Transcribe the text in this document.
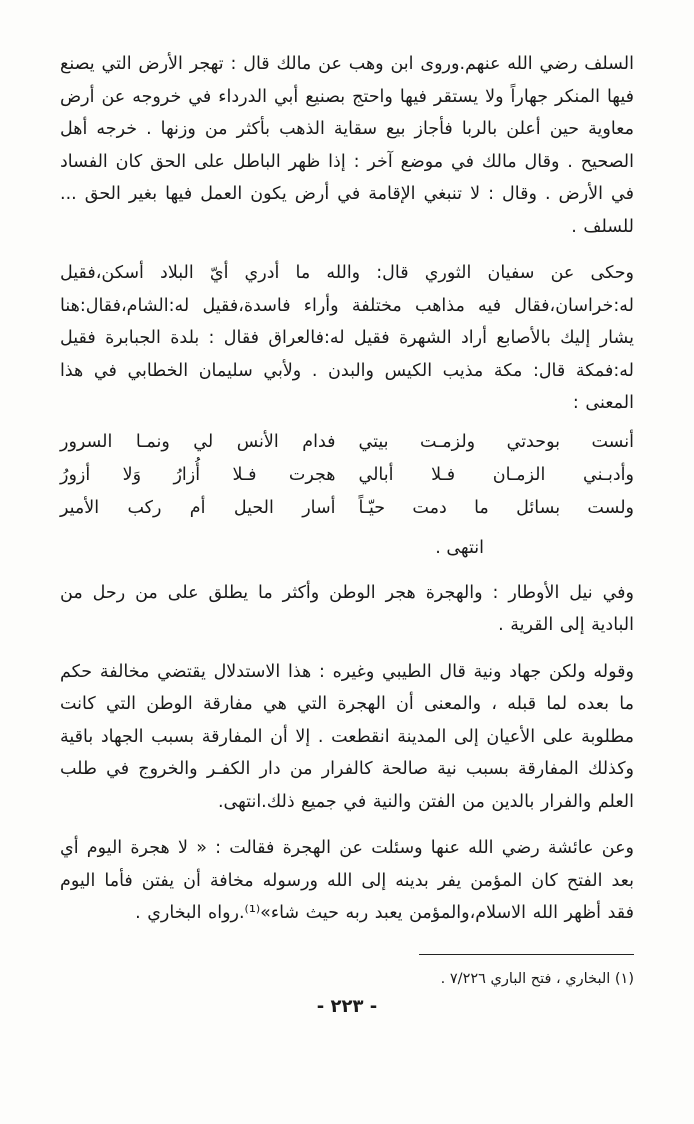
السلف رضي الله عنهم.وروى ابن وهب عن مالك قال : تهجر الأرض التي يصنع فيها المنكر جهاراً ولا يستقر فيها واحتج بصنيع أبي الدرداء في خروجه عن أرض معاوية حين أعلن بالربا فأجاز بيع سقاية الذهب بأكثر من وزنها . خرجه أهل الصحيح . وقال مالك في موضع آخر : إذا ظهر الباطل على الحق كان الفساد في الأرض . وقال : لا تنبغي الإقامة في أرض يكون العمل فيها بغير الحق ... للسلف .

وحكى عن سفيان الثوري قال: والله ما أدري أيّ البلاد أسكن،فقيل له:خراسان،فقال فيه مذاهب مختلفة وأراء فاسدة،فقيل له:الشام،فقال:هنا يشار إليك بالأصابع أراد الشهرة فقيل له:فالعراق فقال : بلدة الجبابرة فقيل له:فمكة قال: مكة مذيب الكيس والبدن . ولأبي سليمان الخطابي في هذا المعنى :

أنست بوحدتي ولزمـت بيتي
فدام الأنس لي ونمـا السرور
وأدبـني الزمـان فـلا أبالي
هجرت فـلا أُزارُ وَلا أزورُ
ولست بسائل ما دمت حيّـاً
أسار الحيل أم ركب الأمير
انتهى .

وفي نيل الأوطار : والهجرة هجر الوطن وأكثر ما يطلق على من رحل من البادية إلى القرية .

وقوله ولكن جهاد ونية قال الطيبي وغيره : هذا الاستدلال يقتضي مخالفة حكم ما بعده لما قبله ، والمعنى أن الهجرة التي هي مفارقة الوطن التي كانت مطلوبة على الأعيان إلى المدينة انقطعت . إلا أن المفارقة بسبب الجهاد باقية وكذلك المفارقة بسبب نية صالحة كالفرار من دار الكفـر والخروج في طلب العلم والفرار بالدين من الفتن والنية في جميع ذلك.انتهى.

وعن عائشة رضي الله عنها وسئلت عن الهجرة فقالت : « لا هجرة اليوم أي بعد الفتح كان المؤمن يفر بدينه إلى الله ورسوله مخافة أن يفتن فأما اليوم فقد أظهر الله الاسلام،والمؤمن يعبد ربه حيث شاء»⁽¹⁾.رواه البخاري .

(١) البخاري ، فتح الباري ٧/٢٢٦ .

- ٢٢٣ -
